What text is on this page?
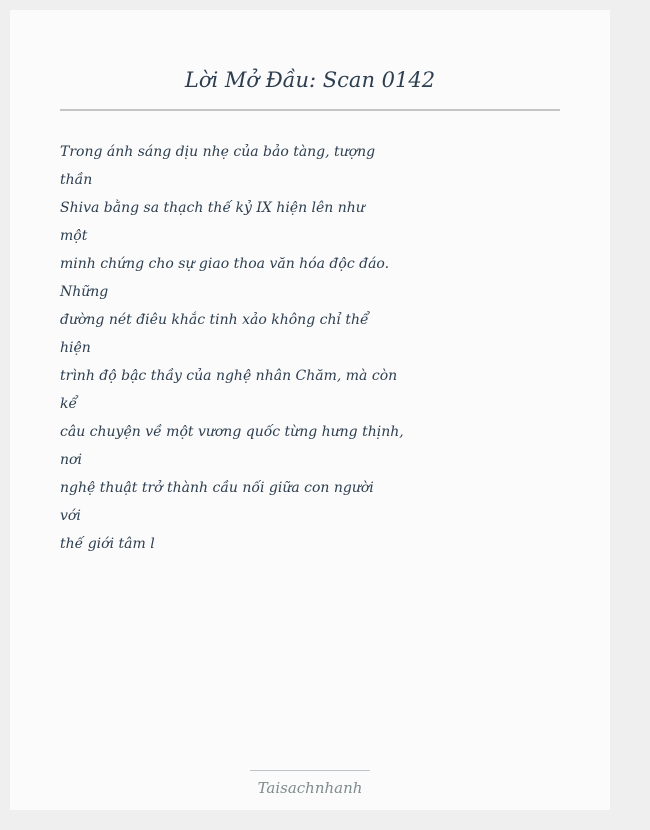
Lời Mở Đầu: Scan 0142
Trong ánh sáng dịu nhẹ của bảo tàng, tượng
thần
Shiva bằng sa thạch thế kỷ IX hiện lên như
một
minh chứng cho sự giao thoa văn hóa độc đáo.
Những
đường nét điêu khắc tinh xảo không chỉ thể
hiện
trình độ bậc thầy của nghệ nhân Chăm, mà còn
kể
câu chuyện về một vương quốc từng hưng thịnh,
nơi
nghệ thuật trở thành cầu nối giữa con người
với
thế giới tâm l
Taisachnhanh
